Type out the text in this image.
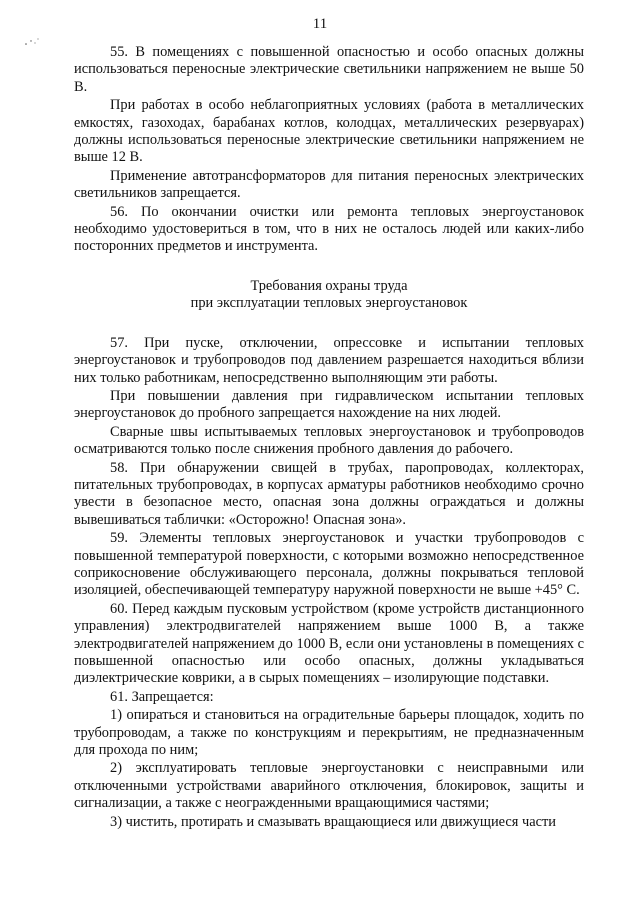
11

55. В помещениях с повышенной опасностью и особо опасных должны использоваться переносные электрические светильники напряжением не выше 50 В.

При работах в особо неблагоприятных условиях (работа в металлических емкостях, газоходах, барабанах котлов, колодцах, металлических резервуарах) должны использоваться переносные электрические светильники напряжением не выше 12 В.

Применение автотрансформаторов для питания переносных электрических светильников запрещается.

56. По окончании очистки или ремонта тепловых энергоустановок необходимо удостовериться в том, что в них не осталось людей или каких-либо посторонних предметов и инструмента.

Требования охраны труда
при эксплуатации тепловых энергоустановок

57. При пуске, отключении, опрессовке и испытании тепловых энергоустановок и трубопроводов под давлением разрешается находиться вблизи них только работникам, непосредственно выполняющим эти работы.

При повышении давления при гидравлическом испытании тепловых энергоустановок до пробного запрещается нахождение на них людей.

Сварные швы испытываемых тепловых энергоустановок и трубопроводов осматриваются только после снижения пробного давления до рабочего.

58. При обнаружении свищей в трубах, паропроводах, коллекторах, питательных трубопроводах, в корпусах арматуры работников необходимо срочно увести в безопасное место, опасная зона должны ограждаться и должны вывешиваться таблички: «Осторожно! Опасная зона».

59. Элементы тепловых энергоустановок и участки трубопроводов с повышенной температурой поверхности, с которыми возможно непосредственное соприкосновение обслуживающего персонала, должны покрываться тепловой изоляцией, обеспечивающей температуру наружной поверхности не выше +45° С.

60. Перед каждым пусковым устройством (кроме устройств дистанционного управления) электродвигателей напряжением выше 1000 В, а также электродвигателей напряжением до 1000 В, если они установлены в помещениях с повышенной опасностью или особо опасных, должны укладываться диэлектрические коврики, а в сырых помещениях – изолирующие подставки.

61. Запрещается:

1) опираться и становиться на оградительные барьеры площадок, ходить по трубопроводам, а также по конструкциям и перекрытиям, не предназначенным для прохода по ним;

2) эксплуатировать тепловые энергоустановки с неисправными или отключенными устройствами аварийного отключения, блокировок, защиты и сигнализации, а также с неогражденными вращающимися частями;

3) чистить, протирать и смазывать вращающиеся или движущиеся части
